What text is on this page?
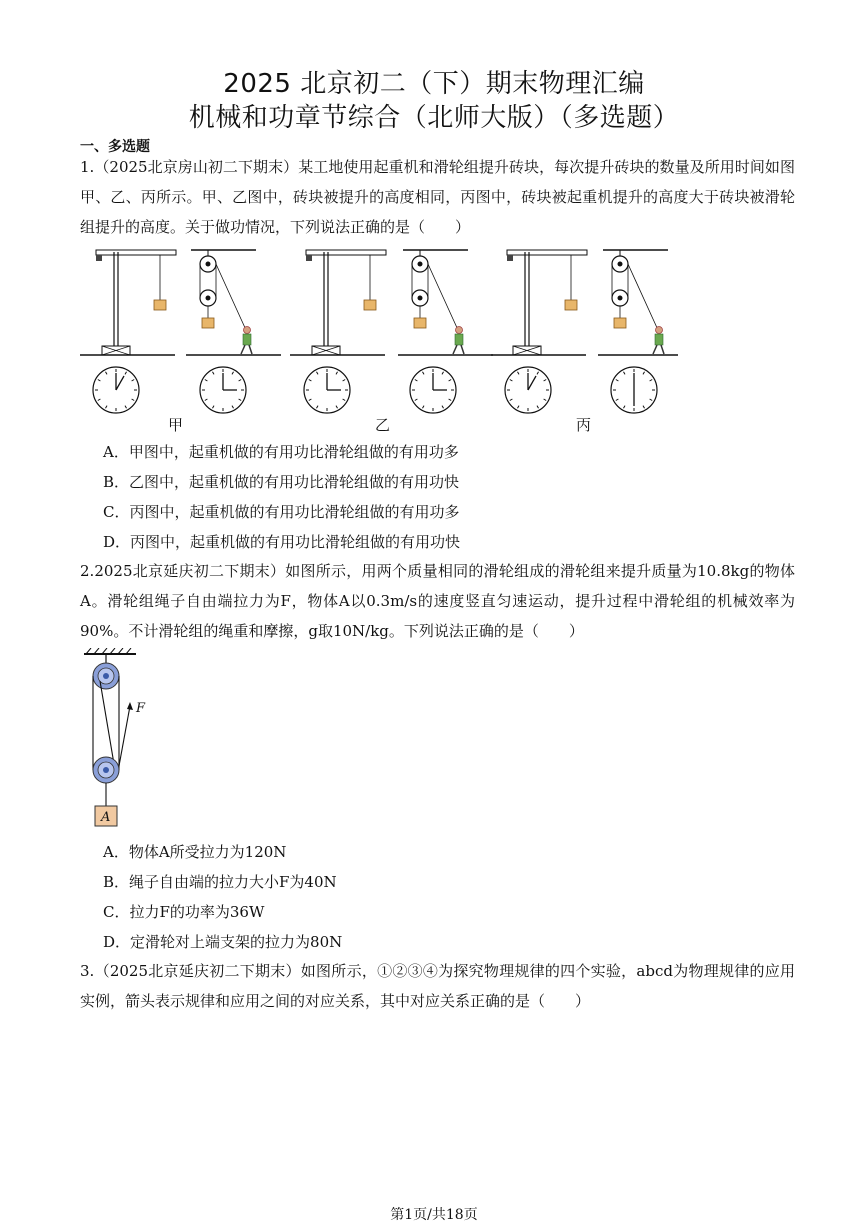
2025 北京初二（下）期末物理汇编
机械和功章节综合（北师大版）（多选题）
一、多选题
1.（2025北京房山初二下期末）某工地使用起重机和滑轮组提升砖块，每次提升砖块的数量及所用时间如图甲、乙、丙所示。甲、乙图中，砖块被提升的高度相同，丙图中，砖块被起重机提升的高度大于砖块被滑轮组提升的高度。关于做功情况，下列说法正确的是（　　）
甲	乙	丙
A．甲图中，起重机做的有用功比滑轮组做的有用功多
B．乙图中，起重机做的有用功比滑轮组做的有用功快
C．丙图中，起重机做的有用功比滑轮组做的有用功多
D．丙图中，起重机做的有用功比滑轮组做的有用功快
2.2025北京延庆初二下期末）如图所示，用两个质量相同的滑轮组成的滑轮组来提升质量为10.8kg的物体A。滑轮组绳子自由端拉力为F，物体A以0.3m/s的速度竖直匀速运动，提升过程中滑轮组的机械效率为90%。不计滑轮组的绳重和摩擦，g取10N/kg。下列说法正确的是（　　）
F
A
A．物体A所受拉力为120N
B．绳子自由端的拉力大小F为40N
C．拉力F的功率为36W
D．定滑轮对上端支架的拉力为80N
3.（2025北京延庆初二下期末）如图所示，①②③④为探究物理规律的四个实验，abcd为物理规律的应用实例，箭头表示规律和应用之间的对应关系，其中对应关系正确的是（　　）
第1页/共18页
